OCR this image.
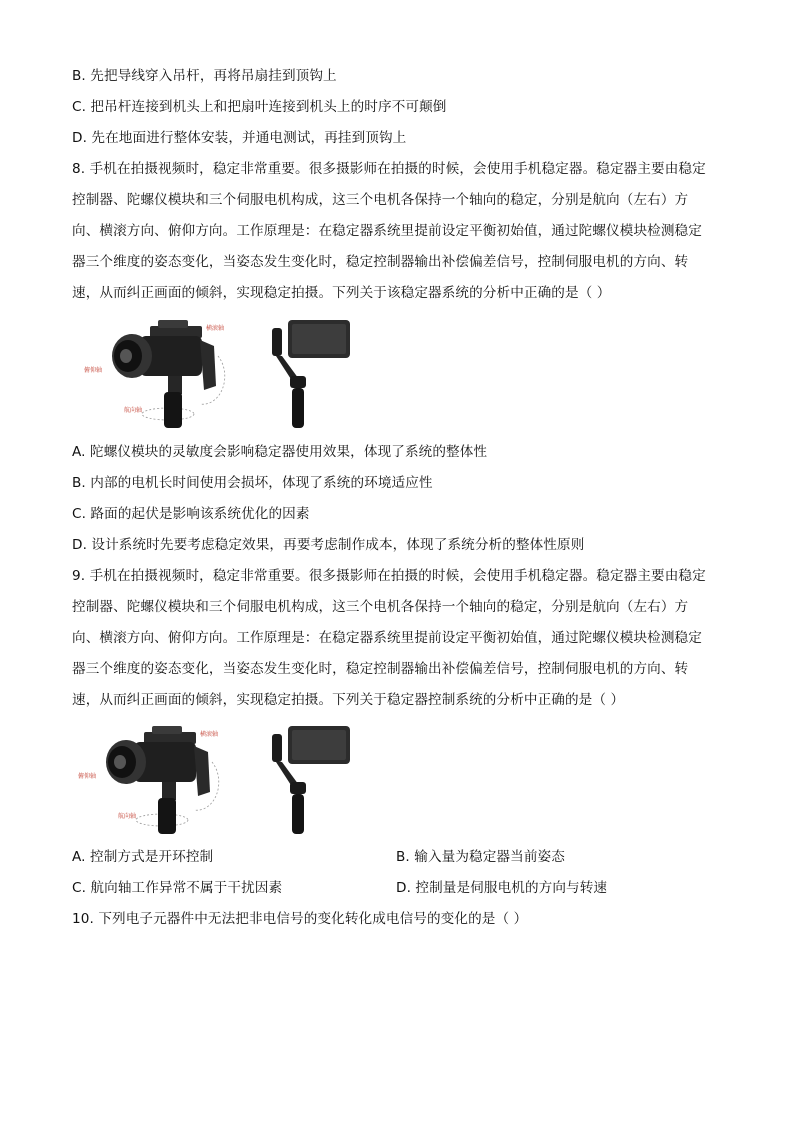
B. 先把导线穿入吊杆，再将吊扇挂到顶钩上
C. 把吊杆连接到机头上和把扇叶连接到机头上的时序不可颠倒
D. 先在地面进行整体安装，并通电测试，再挂到顶钩上
8. 手机在拍摄视频时，稳定非常重要。很多摄影师在拍摄的时候，会使用手机稳定器。稳定器主要由稳定
控制器、陀螺仪模块和三个伺服电机构成，这三个电机各保持一个轴向的稳定，分别是航向（左右）方
向、横滚方向、俯仰方向。工作原理是：在稳定器系统里提前设定平衡初始值，通过陀螺仪模块检测稳定
器三个维度的姿态变化，当姿态发生变化时，稳定控制器输出补偿偏差信号，控制伺服电机的方向、转
速，从而纠正画面的倾斜，实现稳定拍摄。下列关于该稳定器系统的分析中正确的是（ ）
横滚轴
俯仰轴
航向轴
A. 陀螺仪模块的灵敏度会影响稳定器使用效果，体现了系统的整体性
B. 内部的电机长时间使用会损坏，体现了系统的环境适应性
C. 路面的起伏是影响该系统优化的因素
D. 设计系统时先要考虑稳定效果，再要考虑制作成本，体现了系统分析的整体性原则
9. 手机在拍摄视频时，稳定非常重要。很多摄影师在拍摄的时候，会使用手机稳定器。稳定器主要由稳定
控制器、陀螺仪模块和三个伺服电机构成，这三个电机各保持一个轴向的稳定，分别是航向（左右）方
向、横滚方向、俯仰方向。工作原理是：在稳定器系统里提前设定平衡初始值，通过陀螺仪模块检测稳定
器三个维度的姿态变化，当姿态发生变化时，稳定控制器输出补偿偏差信号，控制伺服电机的方向、转
速，从而纠正画面的倾斜，实现稳定拍摄。下列关于稳定器控制系统的分析中正确的是（ ）
横滚轴
俯仰轴
航向轴
A. 控制方式是开环控制	B. 输入量为稳定器当前姿态
C. 航向轴工作异常不属于干扰因素	D. 控制量是伺服电机的方向与转速
10. 下列电子元器件中无法把非电信号的变化转化成电信号的变化的是（ ）
